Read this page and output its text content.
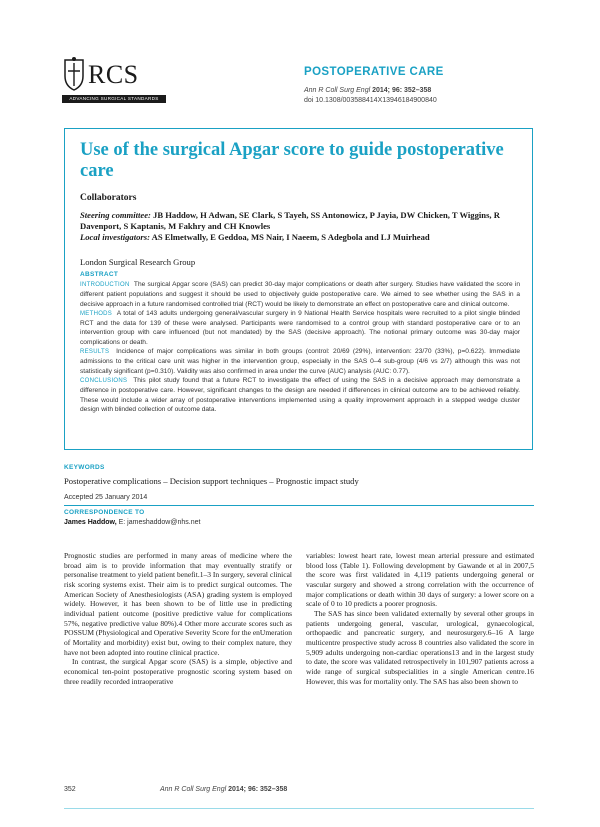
RCS
ADVANCING SURGICAL STANDARDS
POSTOPERATIVE CARE
Ann R Coll Surg Engl 2014; 96: 352–358
doi 10.1308/003588414X13946184900840
Use of the surgical Apgar score to guide postoperative care
Collaborators
Steering committee: JB Haddow, H Adwan, SE Clark, S Tayeh, SS Antonowicz, P Jayia, DW Chicken, T Wiggins, R Davenport, S Kaptanis, M Fakhry and CH Knowles
Local investigators: AS Elmetwally, E Geddoa, MS Nair, I Naeem, S Adegbola and LJ Muirhead
London Surgical Research Group
ABSTRACT
INTRODUCTION The surgical Apgar score (SAS) can predict 30-day major complications or death after surgery. Studies have validated the score in different patient populations and suggest it should be used to objectively guide postoperative care. We aimed to see whether using the SAS in a decisive approach in a future randomised controlled trial (RCT) would be likely to demonstrate an effect on postoperative care and clinical outcome.
METHODS A total of 143 adults undergoing general/vascular surgery in 9 National Health Service hospitals were recruited to a pilot single blinded RCT and the data for 139 of these were analysed. Participants were randomised to a control group with standard postoperative care or to an intervention group with care influenced (but not mandated) by the SAS (decisive approach). The notional primary outcome was 30-day major complications or death.
RESULTS Incidence of major complications was similar in both groups (control: 20/69 (29%), intervention: 23/70 (33%), p=0.622). Immediate admissions to the critical care unit was higher in the intervention group, especially in the SAS 0–4 sub-group (4/6 vs 2/7) although this was not statistically significant (p=0.310). Validity was also confirmed in area under the curve (AUC) analysis (AUC: 0.77).
CONCLUSIONS This pilot study found that a future RCT to investigate the effect of using the SAS in a decisive approach may demonstrate a difference in postoperative care. However, significant changes to the design are needed if differences in clinical outcome are to be achieved reliably. These would include a wider array of postoperative interventions implemented using a quality improvement approach in a stepped wedge cluster design with blinded collection of outcome data.
KEYWORDS
Postoperative complications – Decision support techniques – Prognostic impact study
Accepted 25 January 2014
CORRESPONDENCE TO
James Haddow, E: jameshaddow@nhs.net

Prognostic studies are performed in many areas of medicine where the broad aim is to provide information that may eventually stratify or personalise treatment to yield patient benefit.1–3 In surgery, several clinical risk scoring systems exist. Their aim is to predict surgical outcomes. The American Society of Anesthesiologists (ASA) grading system is employed widely. However, it has been shown to be of little use in predicting individual patient outcome (positive predictive value for complications 57%, negative predictive value 80%).4 Other more accurate scores such as POSSUM (Physiological and Operative Severity Score for the enUmeration of Mortality and morbidity) exist but, owing to their complex nature, they have not been adopted into routine clinical practice.

In contrast, the surgical Apgar score (SAS) is a simple, objective and economical ten-point postoperative prognostic scoring system based on three readily recorded intraoperative

variables: lowest heart rate, lowest mean arterial pressure and estimated blood loss (Table 1). Following development by Gawande et al in 2007,5 the score was first validated in 4,119 patients undergoing general or vascular surgery and showed a strong correlation with the occurrence of major complications or death within 30 days of surgery: a lower score on a scale of 0 to 10 predicts a poorer prognosis.

The SAS has since been validated externally by several other groups in patients undergoing general, vascular, urological, gynaecological, orthopaedic and pancreatic surgery, and neurosurgery.6–16 A large multicentre prospective study across 8 countries also validated the score in 5,909 adults undergoing non-cardiac operations13 and in the largest study to date, the score was validated retrospectively in 101,907 patients across a wide range of surgical subspecialities in a single American centre.16 However, this was for mortality only. The SAS has also been shown to

352	Ann R Coll Surg Engl 2014; 96: 352–358
